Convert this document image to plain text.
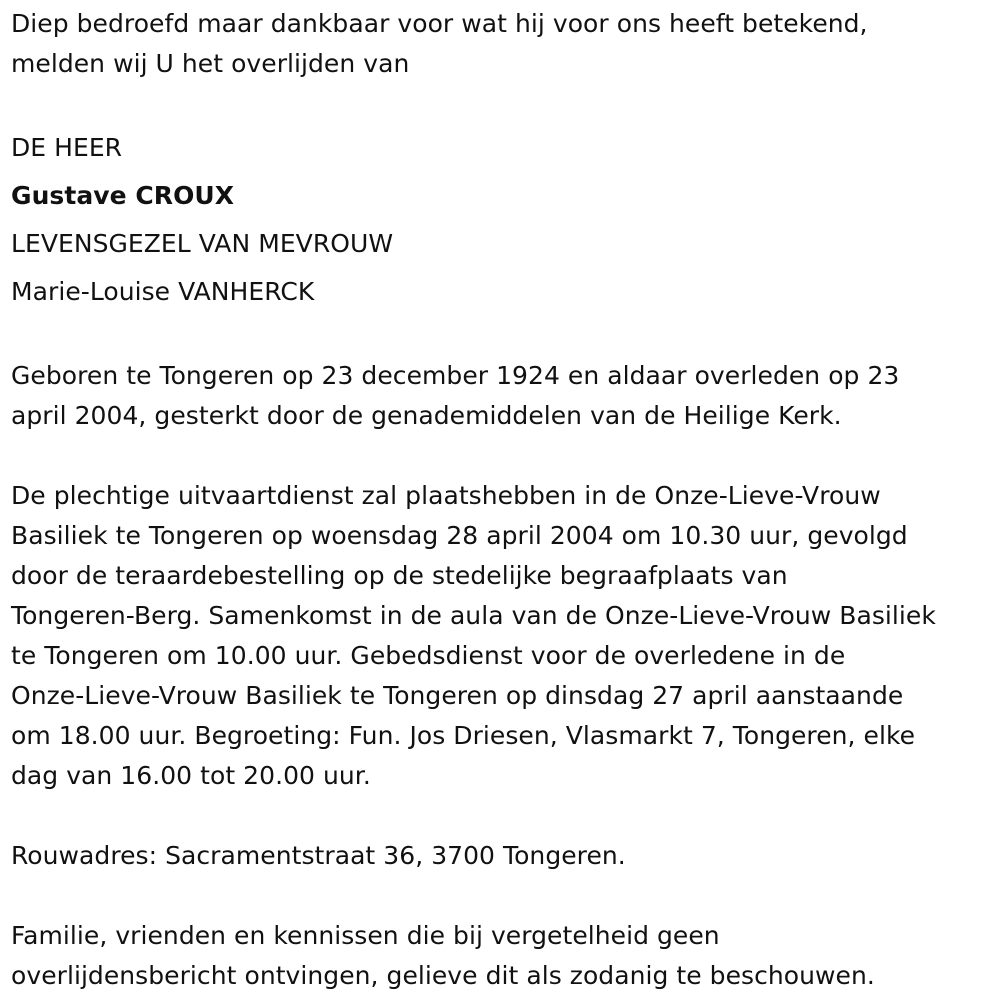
Diep bedroefd maar dankbaar voor wat hij voor ons heeft betekend,

melden wij U het overlijden van

DE HEER

Gustave CROUX

LEVENSGEZEL VAN MEVROUW

Marie-Louise VANHERCK

Geboren te Tongeren op 23 december 1924 en aldaar overleden op 23

april 2004, gesterkt door de genademiddelen van de Heilige Kerk.

De plechtige uitvaartdienst zal plaatshebben in de Onze-Lieve-Vrouw

Basiliek te Tongeren op woensdag 28 april 2004 om 10.30 uur, gevolgd

door de teraardebestelling op de stedelijke begraafplaats van

Tongeren-Berg. Samenkomst in de aula van de Onze-Lieve-Vrouw Basiliek

te Tongeren om 10.00 uur. Gebedsdienst voor de overledene in de

Onze-Lieve-Vrouw Basiliek te Tongeren op dinsdag 27 april aanstaande

om 18.00 uur. Begroeting: Fun. Jos Driesen, Vlasmarkt 7, Tongeren, elke

dag van 16.00 tot 20.00 uur.

Rouwadres: Sacramentstraat 36, 3700 Tongeren.

Familie, vrienden en kennissen die bij vergetelheid geen

overlijdensbericht ontvingen, gelieve dit als zodanig te beschouwen.
